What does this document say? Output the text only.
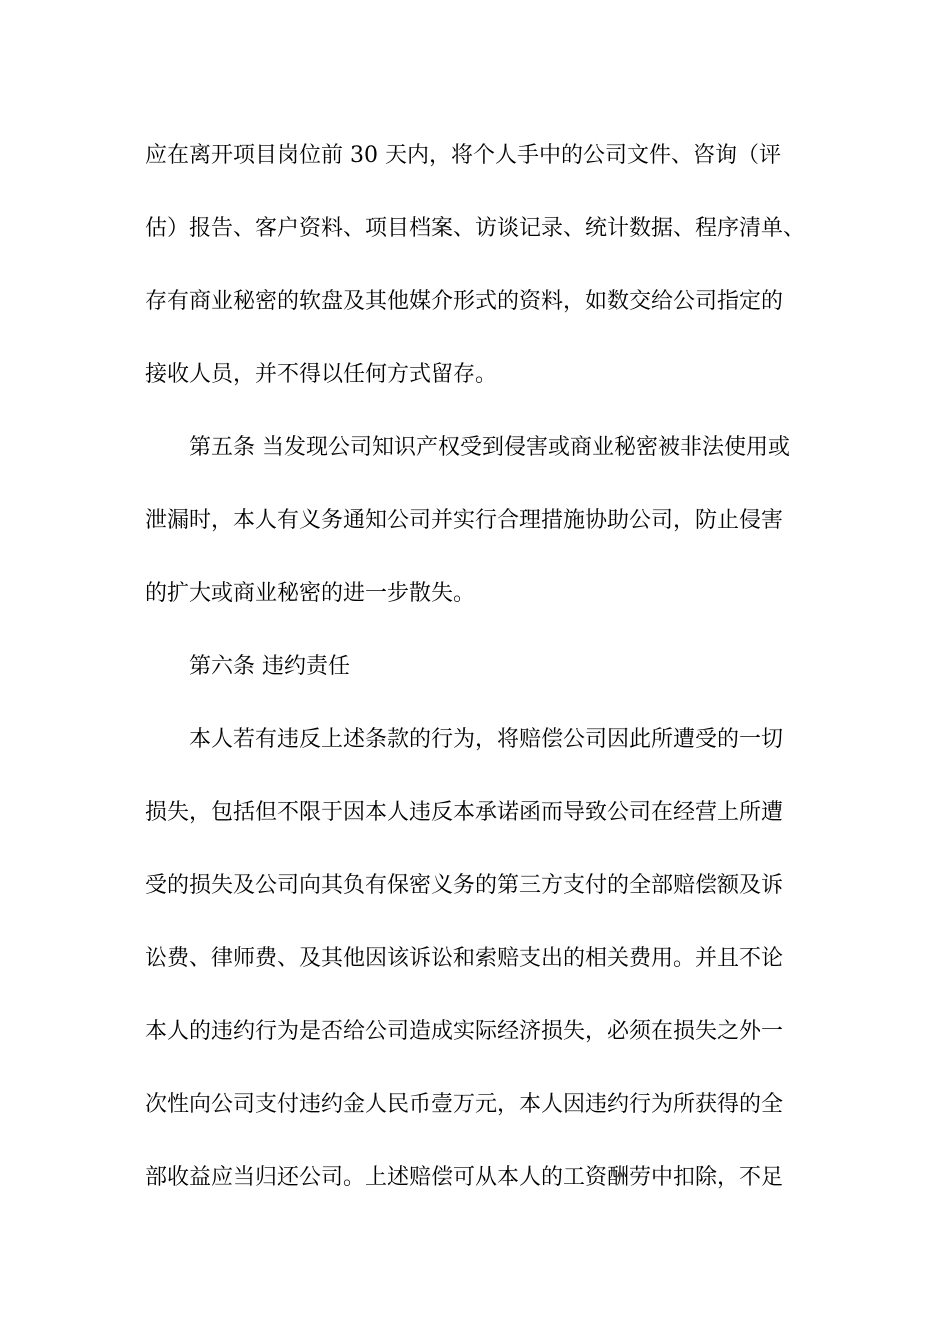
应在离开项目岗位前 30 天内，将个人手中的公司文件、咨询（评
估）报告、客户资料、项目档案、访谈记录、统计数据、程序清单、
存有商业秘密的软盘及其他媒介形式的资料，如数交给公司指定的
接收人员，并不得以任何方式留存。
第五条 当发现公司知识产权受到侵害或商业秘密被非法使用或
泄漏时，本人有义务通知公司并实行合理措施协助公司，防止侵害
的扩大或商业秘密的进一步散失。
第六条 违约责任
本人若有违反上述条款的行为，将赔偿公司因此所遭受的一切
损失，包括但不限于因本人违反本承诺函而导致公司在经营上所遭
受的损失及公司向其负有保密义务的第三方支付的全部赔偿额及诉
讼费、律师费、及其他因该诉讼和索赔支出的相关费用。并且不论
本人的违约行为是否给公司造成实际经济损失，必须在损失之外一
次性向公司支付违约金人民币壹万元，本人因违约行为所获得的全
部收益应当归还公司。上述赔偿可从本人的工资酬劳中扣除，不足
